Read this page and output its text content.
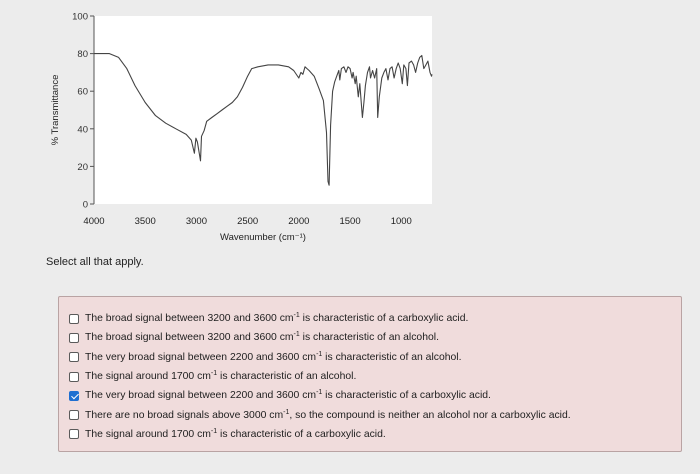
100
80
60
40
20
0
4000	3500	3000	2500	2000	1500	1000
% Transmittance
Wavenumber (cm⁻¹)
Select all that apply.
The broad signal between 3200 and 3600 $cm^{-1}$ is characteristic of a carboxylic acid.
The broad signal between 3200 and 3600 $cm^{-1}$ is characteristic of an alcohol.
The very broad signal between 2200 and 3600 $cm^{-1}$ is characteristic of an alcohol.
The signal around 1700 $cm^{-1}$ is characteristic of an alcohol.
The very broad signal between 2200 and 3600 $cm^{-1}$ is characteristic of a carboxylic acid.
There are no broad signals above 3000 $cm^{-1}$, so the compound is neither an alcohol nor a carboxylic acid.
The signal around 1700 $cm^{-1}$ is characteristic of a carboxylic acid.
